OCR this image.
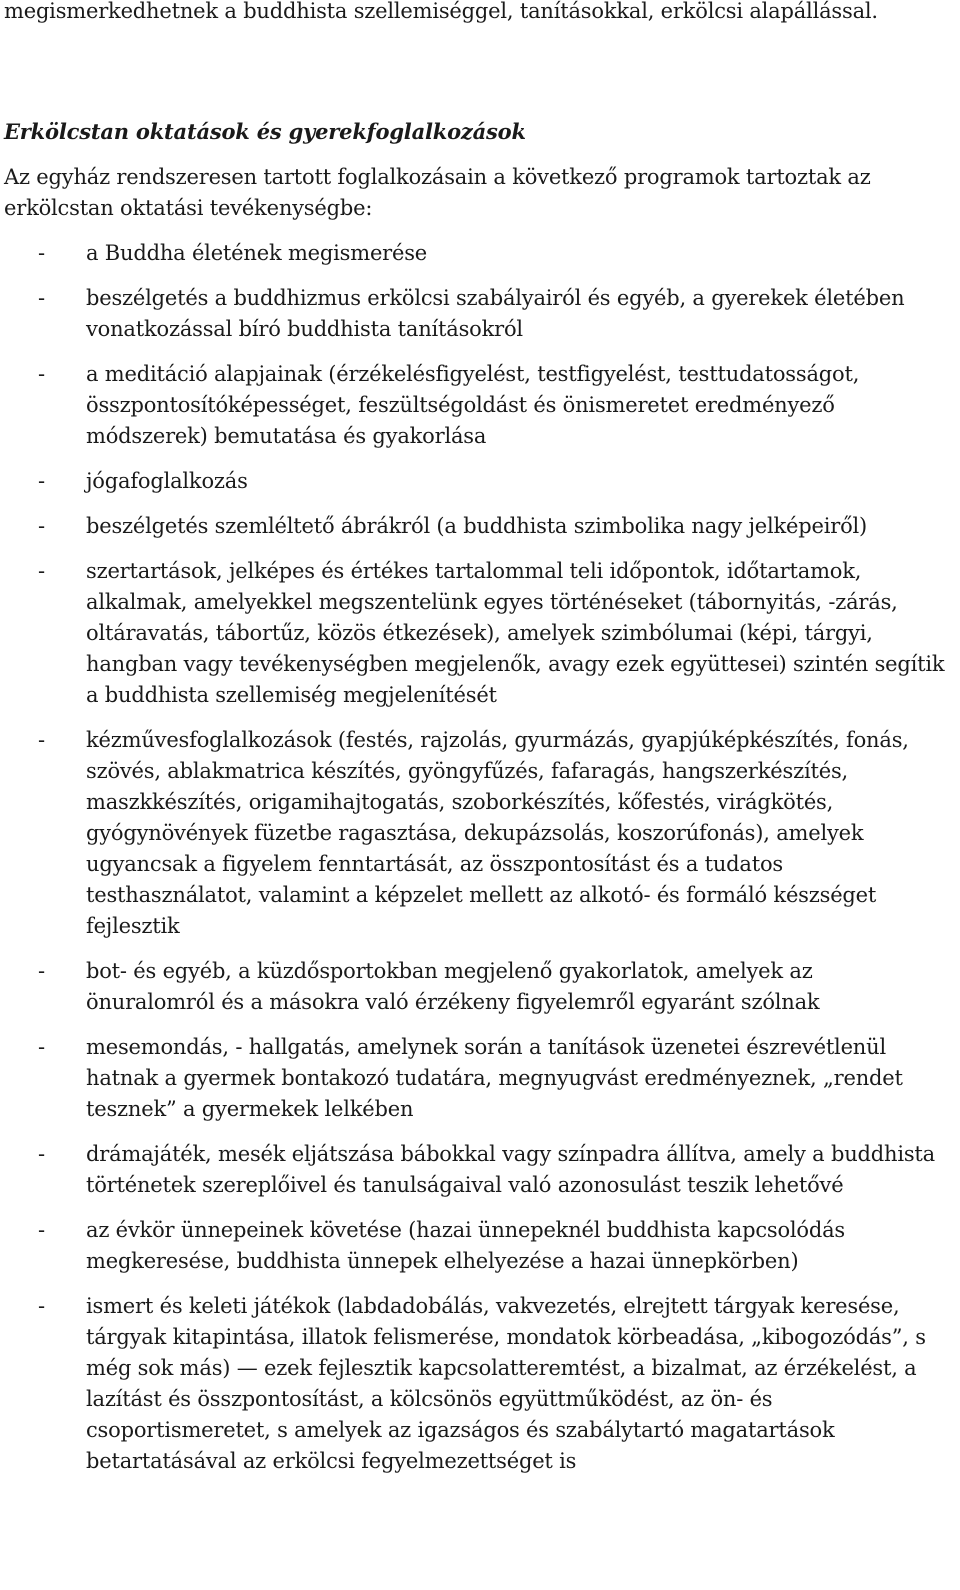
megismerkedhetnek a buddhista szellemiséggel, tanításokkal, erkölcsi alapállással.

Erkölcstan oktatások és gyerekfoglalkozások

Az egyház rendszeresen tartott foglalkozásain a következő programok tartoztak az erkölcstan oktatási tevékenységbe:

- a Buddha életének megismerése
- beszélgetés a buddhizmus erkölcsi szabályairól és egyéb, a gyerekek életében vonatkozással bíró buddhista tanításokról
- a meditáció alapjainak (érzékelésfigyelést, testfigyelést, testtudatosságot, összpontosítóképességet, feszültségoldást és önismeretet eredményező módszerek) bemutatása és gyakorlása
- jógafoglalkozás
- beszélgetés szemléltető ábrákról (a buddhista szimbolika nagy jelképeiről)
- szertartások, jelképes és értékes tartalommal teli időpontok, időtartamok, alkalmak, amelyekkel megszentelünk egyes történéseket (tábornyitás, -zárás, oltáravatás, tábortűz, közös étkezések), amelyek szimbólumai (képi, tárgyi, hangban vagy tevékenységben megjelenők, avagy ezek együttesei) szintén segítik a buddhista szellemiség megjelenítését
- kézművesfoglalkozások (festés, rajzolás, gyurmázás, gyapjúképkészítés, fonás, szövés, ablakmatrica készítés, gyöngyfűzés, fafaragás, hangszerkészítés, maszkkészítés, origamihajtogatás, szoborkészítés, kőfestés, virágkötés, gyógynövények füzetbe ragasztása, dekupázsolás, koszorúfonás), amelyek ugyancsak a figyelem fenntartását, az összpontosítást és a tudatos testhasználatot, valamint a képzelet mellett az alkotó- és formáló készséget fejlesztik
- bot- és egyéb, a küzdősportokban megjelenő gyakorlatok, amelyek az önuralomról és a másokra való érzékeny figyelemről egyaránt szólnak
- mesemondás, - hallgatás, amelynek során a tanítások üzenetei észrevétlenül hatnak a gyermek bontakozó tudatára, megnyugvást eredményeznek, „rendet tesznek” a gyermekek lelkében
- drámajáték, mesék eljátszása bábokkal vagy színpadra állítva, amely a buddhista történetek szereplőivel és tanulságaival való azonosulást teszik lehetővé
- az évkör ünnepeinek követése (hazai ünnepeknél buddhista kapcsolódás megkeresése, buddhista ünnepek elhelyezése a hazai ünnepkörben)
- ismert és keleti játékok (labdadobálás, vakvezetés, elrejtett tárgyak keresése, tárgyak kitapintása, illatok felismerése, mondatok körbeadása, „kibogozódás”, s még sok más) — ezek fejlesztik kapcsolatteremtést, a bizalmat, az érzékelést, a lazítást és összpontosítást, a kölcsönös együttműködést, az ön- és csoportismeretet, s amelyek az igazságos és szabálytartó magatartások betartatásával az erkölcsi fegyelmezettséget is
